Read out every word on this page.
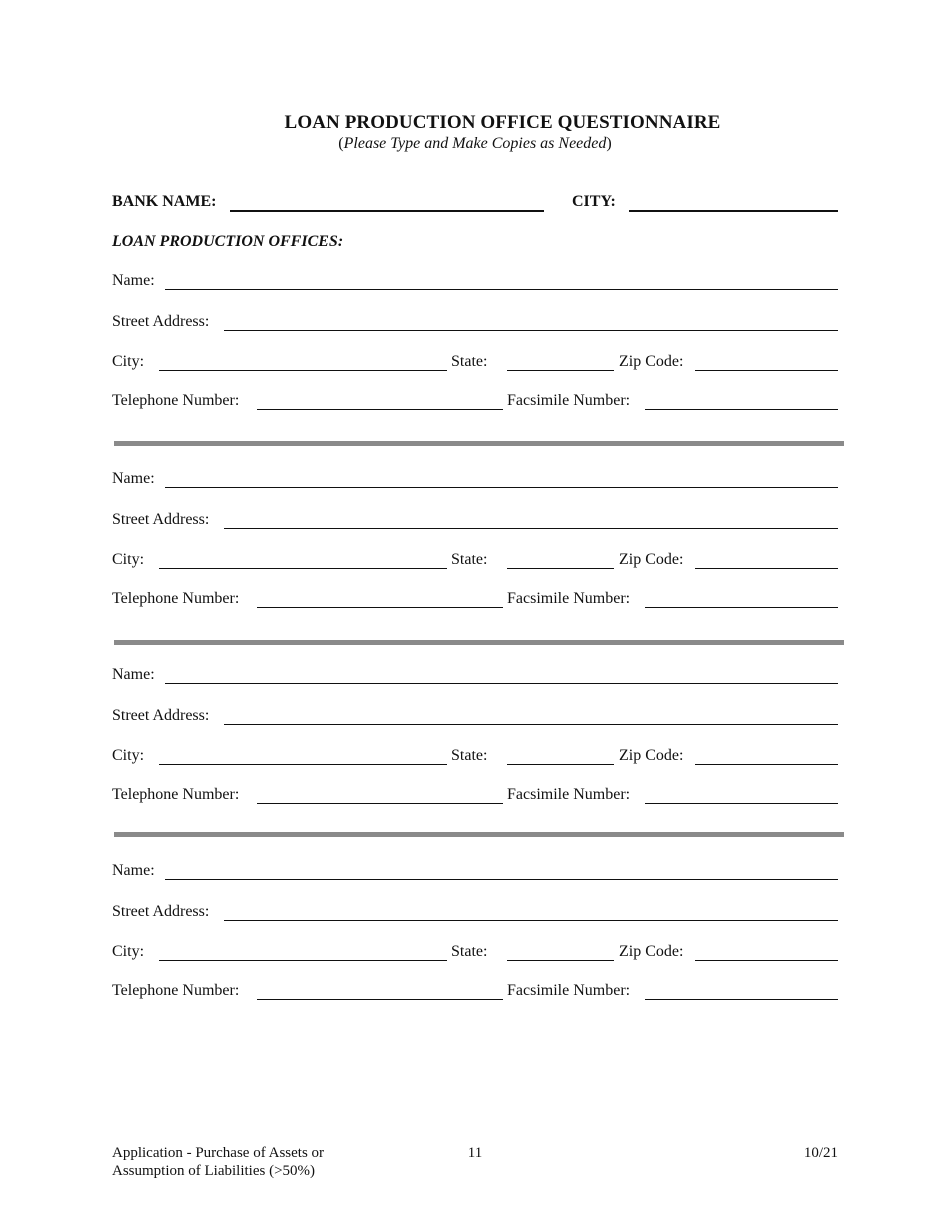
LOAN PRODUCTION OFFICE QUESTIONNAIRE
(Please Type and Make Copies as Needed)
BANK NAME:	CITY:
LOAN PRODUCTION OFFICES:
Name:
Street Address:
City:	State:	Zip Code:
Telephone Number:	Facsimile Number:
Name:
Street Address:
City:	State:	Zip Code:
Telephone Number:	Facsimile Number:
Name:
Street Address:
City:	State:	Zip Code:
Telephone Number:	Facsimile Number:
Name:
Street Address:
City:	State:	Zip Code:
Telephone Number:	Facsimile Number:
Application - Purchase of Assets or
Assumption of Liabilities (>50%)
11	10/21
